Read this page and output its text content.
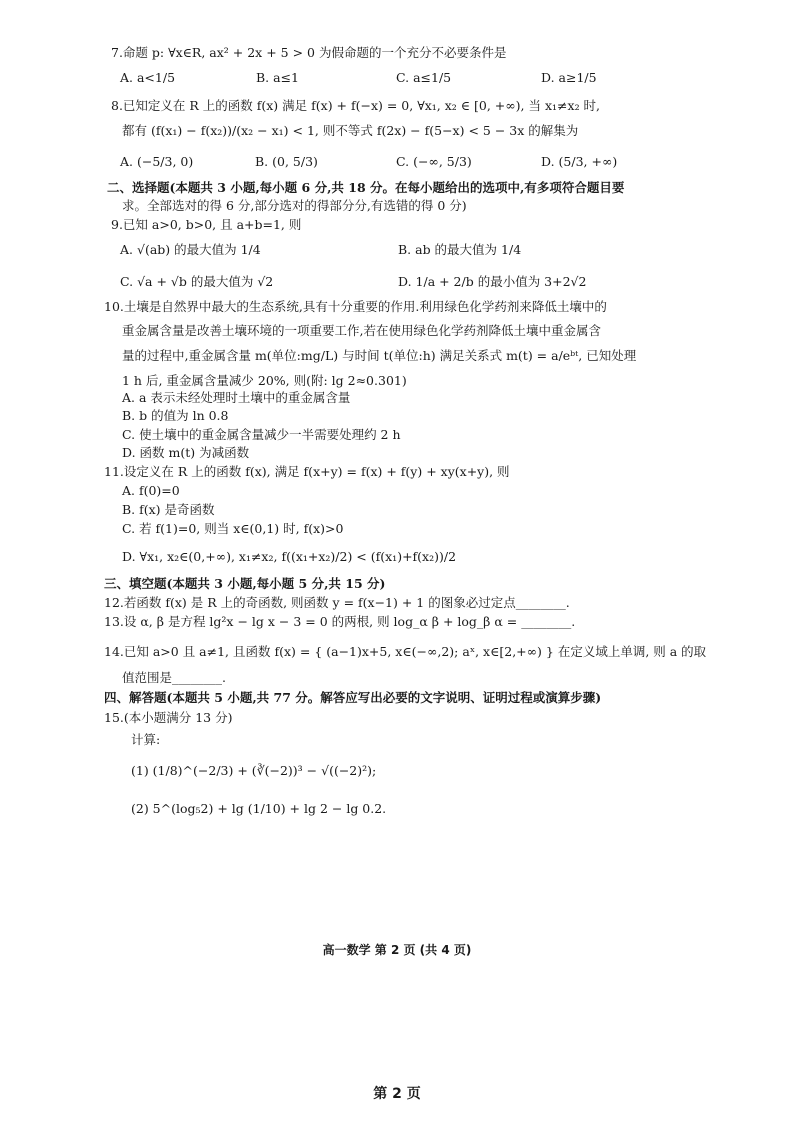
7.命题 p: ∀x∈R, ax² + 2x + 5 > 0 为假命题的一个充分不必要条件是
A. a<1/5	B. a≤1	C. a≤1/5	D. a≥1/5
8.已知定义在 R 上的函数 f(x) 满足 f(x) + f(−x) = 0, ∀x₁, x₂ ∈ [0, +∞), 当 x₁≠x₂ 时,
都有 (f(x₁) − f(x₂))/(x₂ − x₁) < 1, 则不等式 f(2x) − f(5−x) < 5 − 3x 的解集为
A. (−5/3, 0)	B. (0, 5/3)	C. (−∞, 5/3)	D. (5/3, +∞)
二、选择题(本题共 3 小题,每小题 6 分,共 18 分。在每小题给出的选项中,有多项符合题目要
求。全部选对的得 6 分,部分选对的得部分分,有选错的得 0 分)
9.已知 a>0, b>0, 且 a+b=1, 则
A. √(ab) 的最大值为 1/4	B. ab 的最大值为 1/4
C. √a + √b 的最大值为 √2	D. 1/a + 2/b 的最小值为 3+2√2
10.土壤是自然界中最大的生态系统,具有十分重要的作用.利用绿色化学药剂来降低土壤中的
重金属含量是改善土壤环境的一项重要工作,若在使用绿色化学药剂降低土壤中重金属含
量的过程中,重金属含量 m(单位:mg/L) 与时间 t(单位:h) 满足关系式 m(t) = a/eᵇᵗ, 已知处理
1 h 后, 重金属含量减少 20%, 则(附: lg 2≈0.301)
A. a 表示未经处理时土壤中的重金属含量
B. b 的值为 ln 0.8
C. 使土壤中的重金属含量减少一半需要处理约 2 h
D. 函数 m(t) 为减函数
11.设定义在 R 上的函数 f(x), 满足 f(x+y) = f(x) + f(y) + xy(x+y), 则
A. f(0)=0
B. f(x) 是奇函数
C. 若 f(1)=0, 则当 x∈(0,1) 时, f(x)>0
D. ∀x₁, x₂∈(0,+∞), x₁≠x₂, f((x₁+x₂)/2) < (f(x₁)+f(x₂))/2
三、填空题(本题共 3 小题,每小题 5 分,共 15 分)
12.若函数 f(x) 是 R 上的奇函数, 则函数 y = f(x−1) + 1 的图象必过定点________.
13.设 α, β 是方程 lg²x − lg x − 3 = 0 的两根, 则 log_α β + log_β α = ________.
14.已知 a>0 且 a≠1, 且函数 f(x) = { (a−1)x+5, x∈(−∞,2); aˣ, x∈[2,+∞) } 在定义域上单调, 则 a 的取
值范围是________.
四、解答题(本题共 5 小题,共 77 分。解答应写出必要的文字说明、证明过程或演算步骤)
15.(本小题满分 13 分)
计算:
(1) (1/8)^(−2/3) + (∛(−2))³ − √((−2)²);
(2) 5^(log₅2) + lg (1/10) + lg 2 − lg 0.2.
高一数学 第 2 页 (共 4 页)
第 2 页
